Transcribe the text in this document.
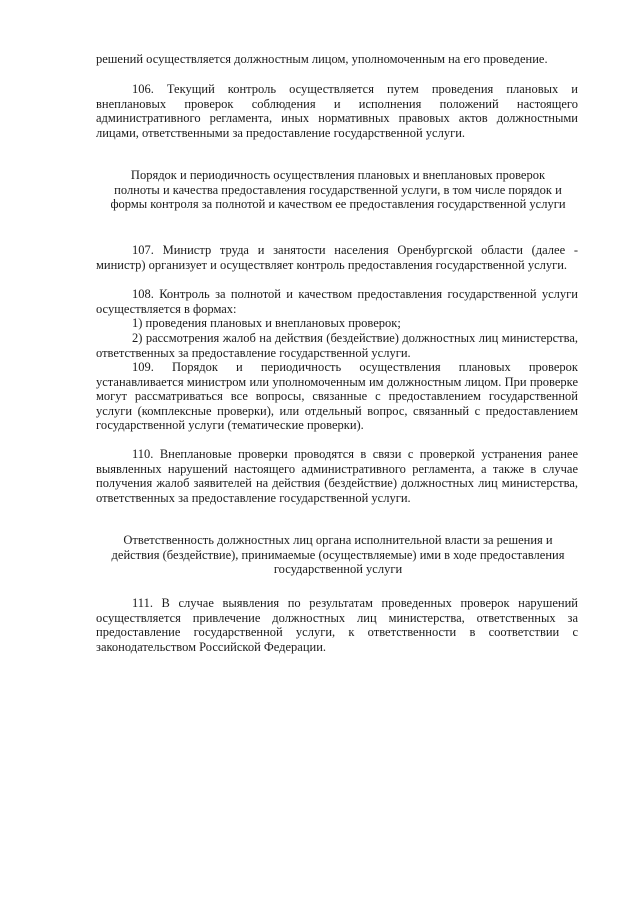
решений осуществляется должностным лицом, уполномоченным на его проведение.

106. Текущий контроль осуществляется путем проведения плановых и внеплановых проверок соблюдения и исполнения положений настоящего административного регламента, иных нормативных правовых актов должностными лицами, ответственными за предоставление государственной услуги.

Порядок и периодичность осуществления плановых и внеплановых проверок полноты и качества предоставления государственной услуги, в том числе порядок и формы контроля за полнотой и качеством ее предоставления государственной услуги

107. Министр труда и занятости населения Оренбургской области (далее - министр) организует и осуществляет контроль предоставления государственной услуги.

108. Контроль за полнотой и качеством предоставления государственной услуги осуществляется в формах:

1) проведения плановых и внеплановых проверок;

2) рассмотрения жалоб на действия (бездействие) должностных лиц министерства, ответственных за предоставление государственной услуги.

109. Порядок и периодичность осуществления плановых проверок устанавливается министром или уполномоченным им должностным лицом. При проверке могут рассматриваться все вопросы, связанные с предоставлением государственной услуги (комплексные проверки), или отдельный вопрос, связанный с предоставлением государственной услуги (тематические проверки).

110. Внеплановые проверки проводятся в связи с проверкой устранения ранее выявленных нарушений настоящего административного регламента, а также в случае получения жалоб заявителей на действия (бездействие) должностных лиц министерства, ответственных за предоставление государственной услуги.

Ответственность должностных лиц органа исполнительной власти за решения и действия (бездействие), принимаемые (осуществляемые) ими в ходе предоставления государственной услуги

111. В случае выявления по результатам проведенных проверок нарушений осуществляется привлечение должностных лиц министерства, ответственных за предоставление государственной услуги, к ответственности в соответствии с законодательством Российской Федерации.
